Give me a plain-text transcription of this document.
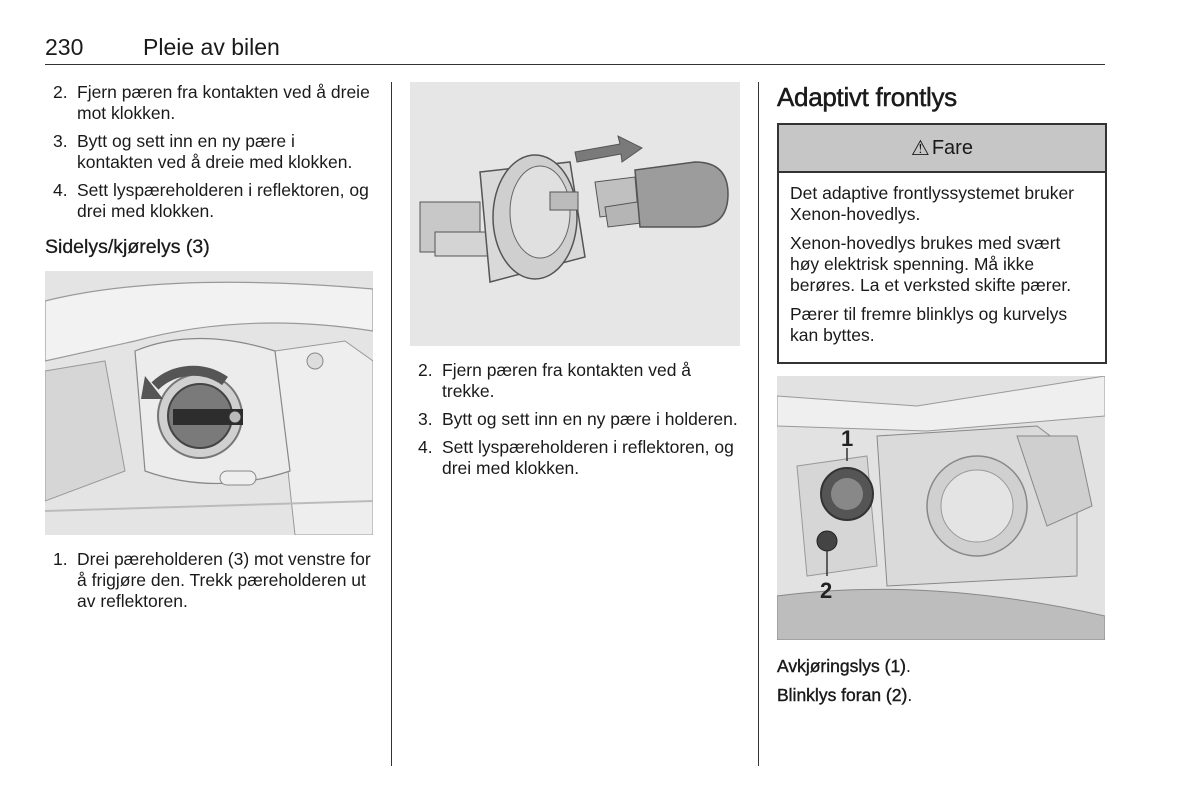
230	Pleie av bilen
2. Fjern pæren fra kontakten ved å dreie mot klokken.
3. Bytt og sett inn en ny pære i kontakten ved å dreie med klokken.
4. Sett lyspæreholderen i reflektoren, og drei med klokken.
Sidelys/kjørelys (3)
1. Drei pæreholderen (3) mot venstre for å frigjøre den. Trekk pæreholderen ut av reflektoren.
2. Fjern pæren fra kontakten ved å trekke.
3. Bytt og sett inn en ny pære i holderen.
4. Sett lyspæreholderen i reflektoren, og drei med klokken.
Adaptivt frontlys
⚠ Fare

Det adaptive frontlyssystemet bruker Xenon-hovedlys.

Xenon-hovedlys brukes med svært høy elektrisk spenning. Må ikke berøres. La et verksted skifte pærer.

Pærer til fremre blinklys og kurvelys kan byttes.

1
2
Avkjøringslys (1).
Blinklys foran (2).
